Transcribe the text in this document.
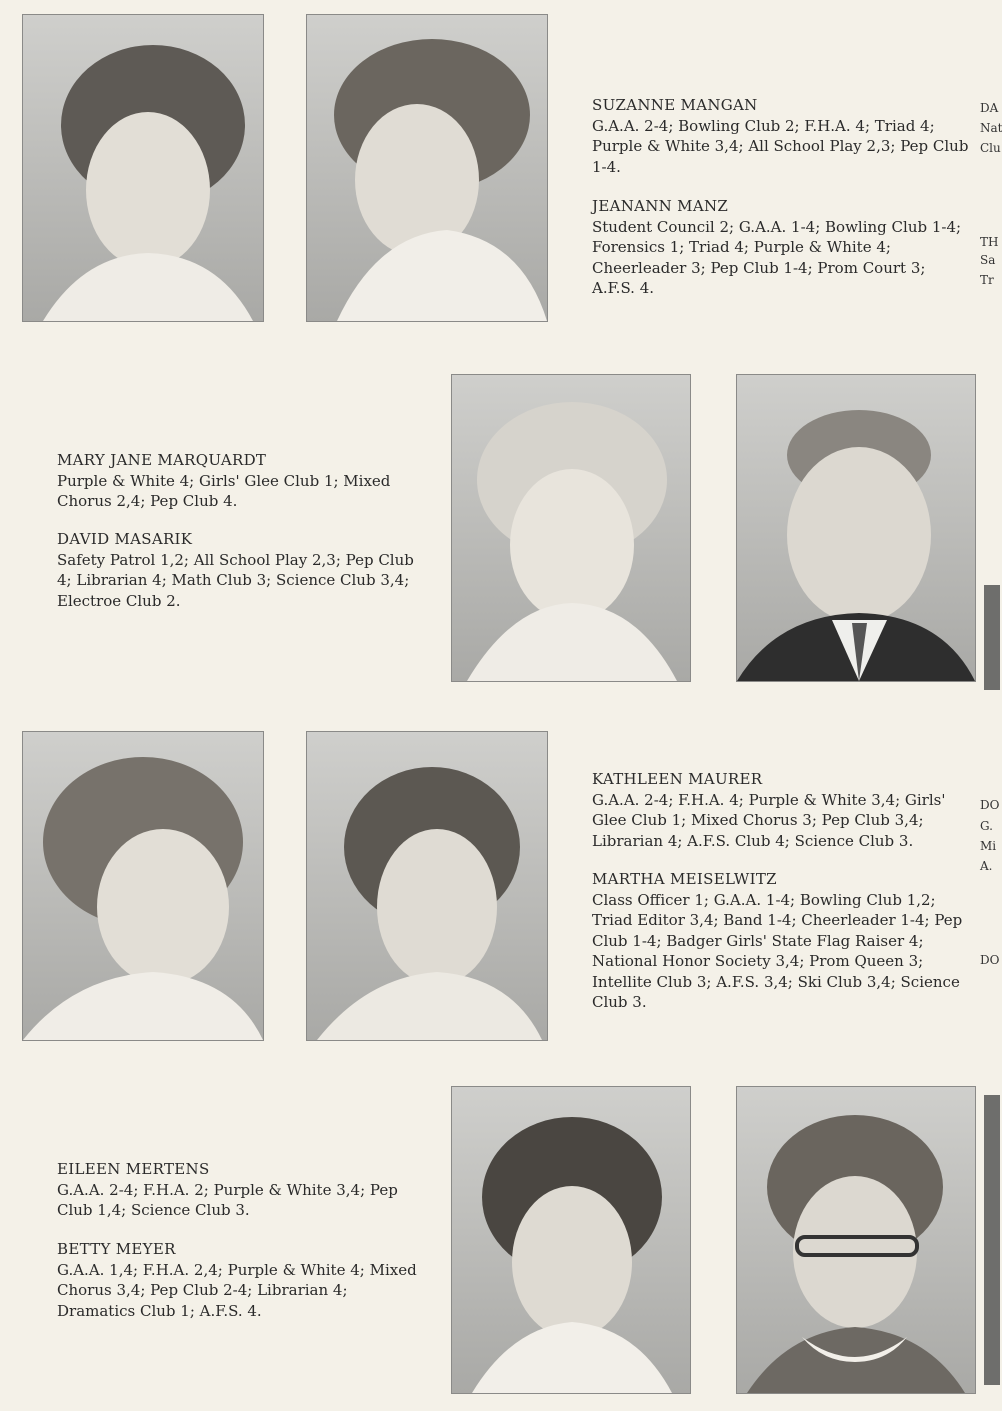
SUZANNE MANGAN
G.A.A. 2-4; Bowling Club 2; F.H.A. 4; Triad 4; Purple & White 3,4; All School Play 2,3; Pep Club 1-4.
JEANANN MANZ
Student Council 2; G.A.A. 1-4; Bowling Club 1-4; Forensics 1; Triad 4; Purple & White 4; Cheerleader 3; Pep Club 1-4; Prom Court 3; A.F.S. 4.
MARY JANE MARQUARDT
Purple & White 4; Girls' Glee Club 1; Mixed Chorus 2,4; Pep Club 4.
DAVID MASARIK
Safety Patrol 1,2; All School Play 2,3; Pep Club 4; Librarian 4; Math Club 3; Science Club 3,4; Electroe Club 2.
KATHLEEN MAURER
G.A.A. 2-4; F.H.A. 4; Purple & White 3,4; Girls' Glee Club 1; Mixed Chorus 3; Pep Club 3,4; Librarian 4; A.F.S. Club 4; Science Club 3.
MARTHA MEISELWITZ
Class Officer 1; G.A.A. 1-4; Bowling Club 1,2; Triad Editor 3,4; Band 1-4; Cheerleader 1-4; Pep Club 1-4; Badger Girls' State Flag Raiser 4; National Honor Society 3,4; Prom Queen 3; Intellite Club 3; A.F.S. 3,4; Ski Club 3,4; Science Club 3.
EILEEN MERTENS
G.A.A. 2-4; F.H.A. 2; Purple & White 3,4; Pep Club 1,4; Science Club 3.
BETTY MEYER
G.A.A. 1,4; F.H.A. 2,4; Purple & White 4; Mixed Chorus 3,4; Pep Club 2-4; Librarian 4; Dramatics Club 1; A.F.S. 4.
DA
Nat
Clu
TH
Sa
Tr
DO
G.
Mi
A.
DO
